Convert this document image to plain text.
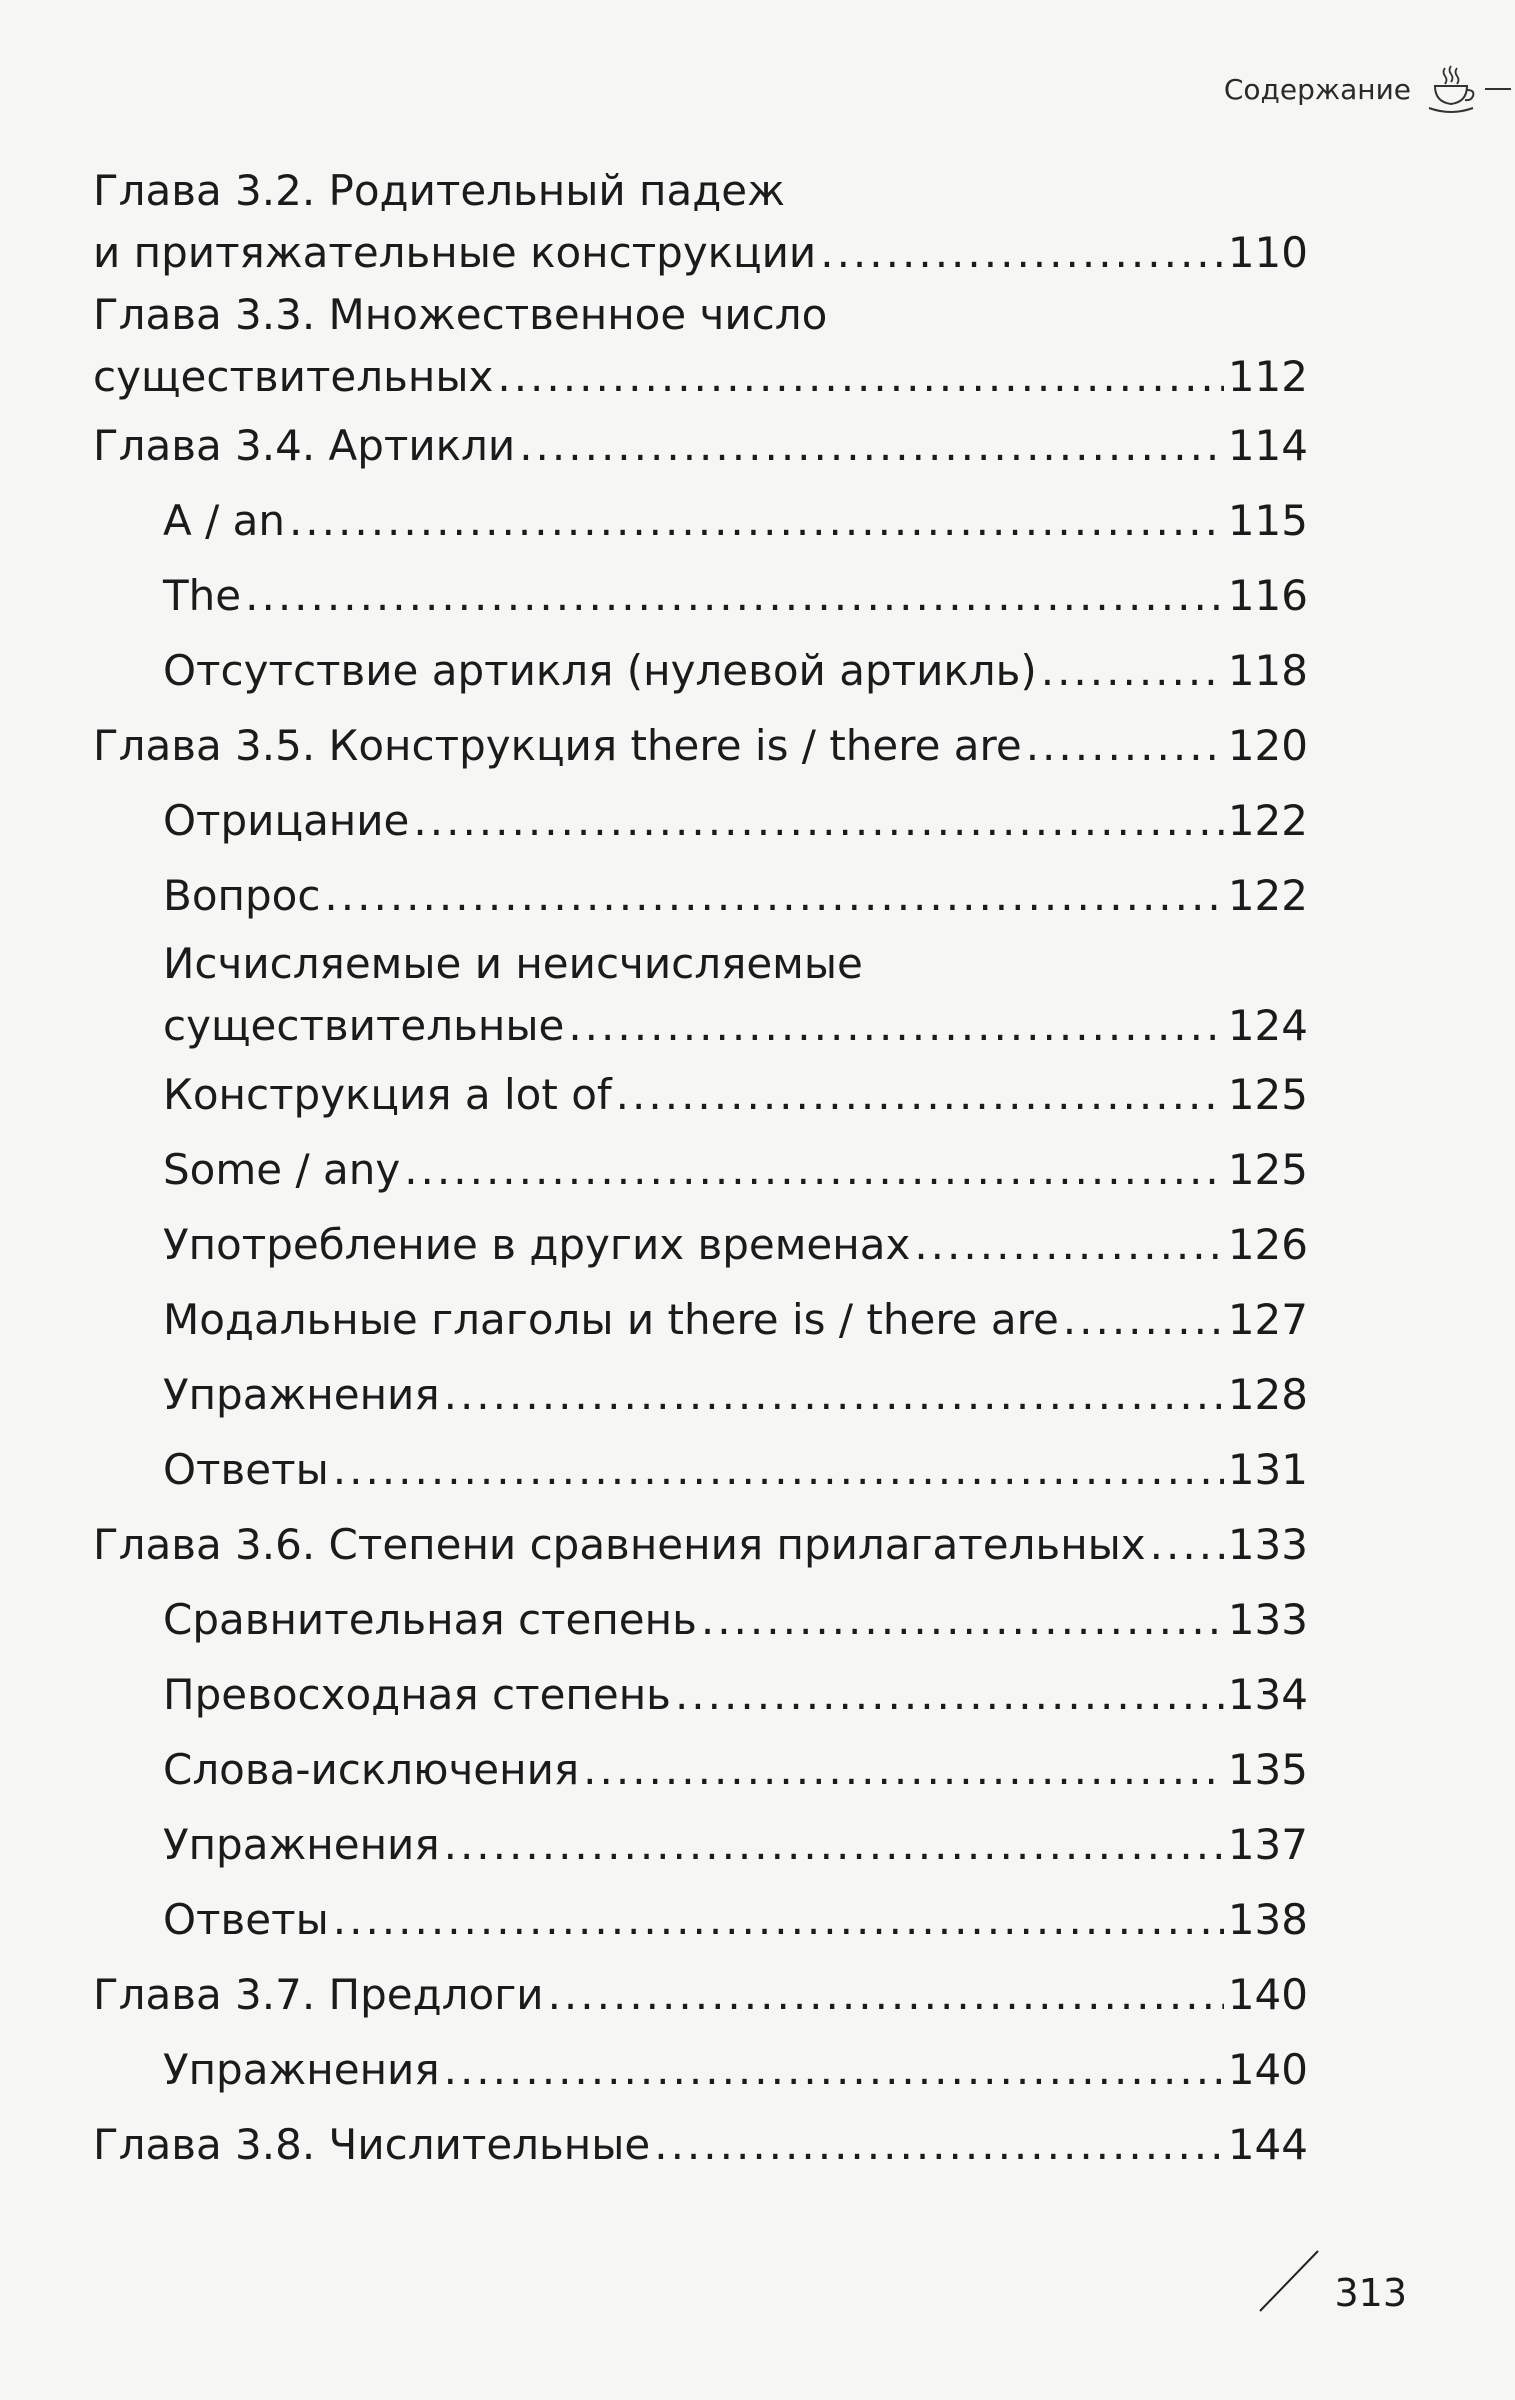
Содержание
Глава 3.2. Родительный падеж
и притяжательные конструкции .....	110
Глава 3.3. Множественное число
существительных .....	112
Глава 3.4. Артикли .....	114
A / an .....	115
The .....	116
Отсутствие артикля (нулевой артикль) .....	118
Глава 3.5. Конструкция there is / there are .....	120
Отрицание .....	122
Вопрос .....	122
Исчисляемые и неисчисляемые
существительные .....	124
Конструкция a lot of .....	125
Some / any .....	125
Употребление в других временах .....	126
Модальные глаголы и there is / there are .....	127
Упражнения .....	128
Ответы .....	131
Глава 3.6. Степени сравнения прилагательных ..... 133
Сравнительная степень .....	133
Превосходная степень .....	134
Слова-исключения .....	135
Упражнения .....	137
Ответы .....	138
Глава 3.7. Предлоги .....	140
Упражнения .....	140
Глава 3.8. Числительные .....	144
313
